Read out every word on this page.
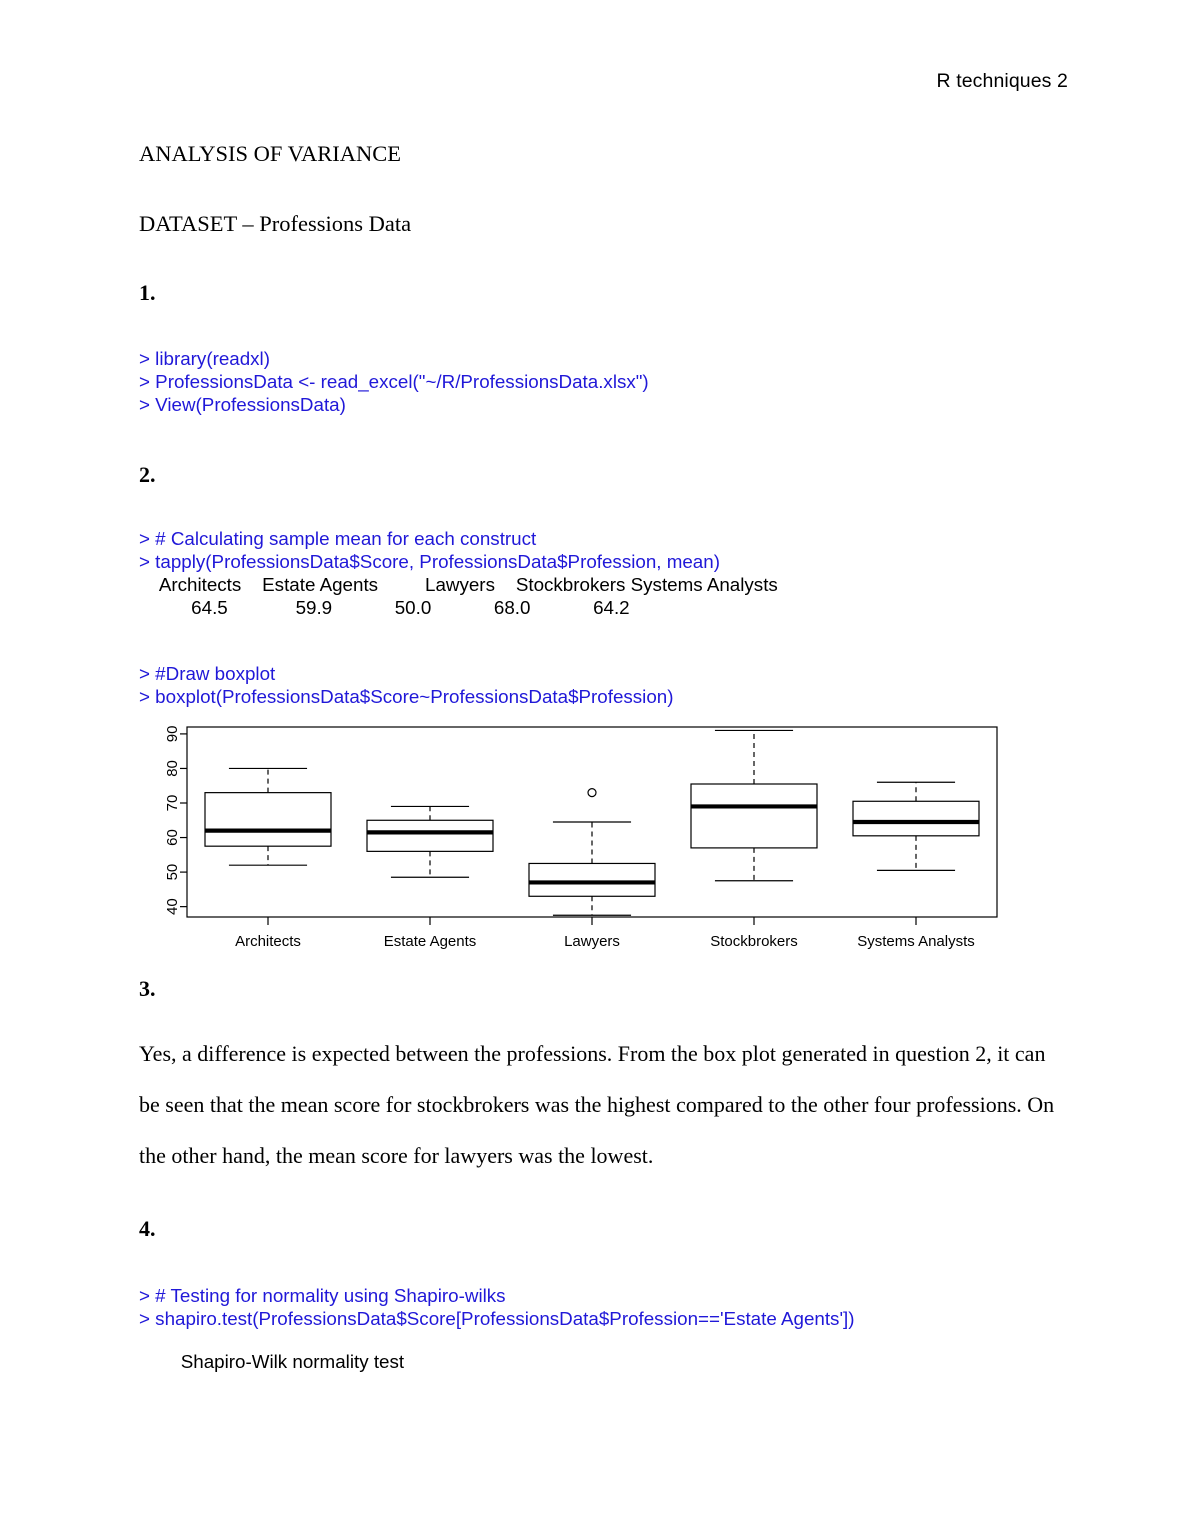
R techniques 2
ANALYSIS OF VARIANCE
DATASET – Professions Data
1.
> library(readxl)
> ProfessionsData <- read_excel("~/R/ProfessionsData.xlsx")
> View(ProfessionsData)
2.
> # Calculating sample mean for each construct
> tapply(ProfessionsData$Score, ProfessionsData$Profession, mean)
Architects    Estate Agents         Lawyers    Stockbrokers Systems Analysts
64.5             59.9            50.0            68.0            64.2
> #Draw boxplot
> boxplot(ProfessionsData$Score~ProfessionsData$Profession)
3.
Yes, a difference is expected between the professions. From the box plot generated in question 2, it can be seen that the mean score for stockbrokers was the highest compared to the other four professions. On the other hand, the mean score for lawyers was the lowest.
4.
> # Testing for normality using Shapiro-wilks
> shapiro.test(ProfessionsData$Score[ProfessionsData$Profession=='Estate Agents'])
Shapiro-Wilk normality test
40
50
60
70
80
90
Architects	Estate Agents	Lawyers	Stockbrokers	Systems Analysts
